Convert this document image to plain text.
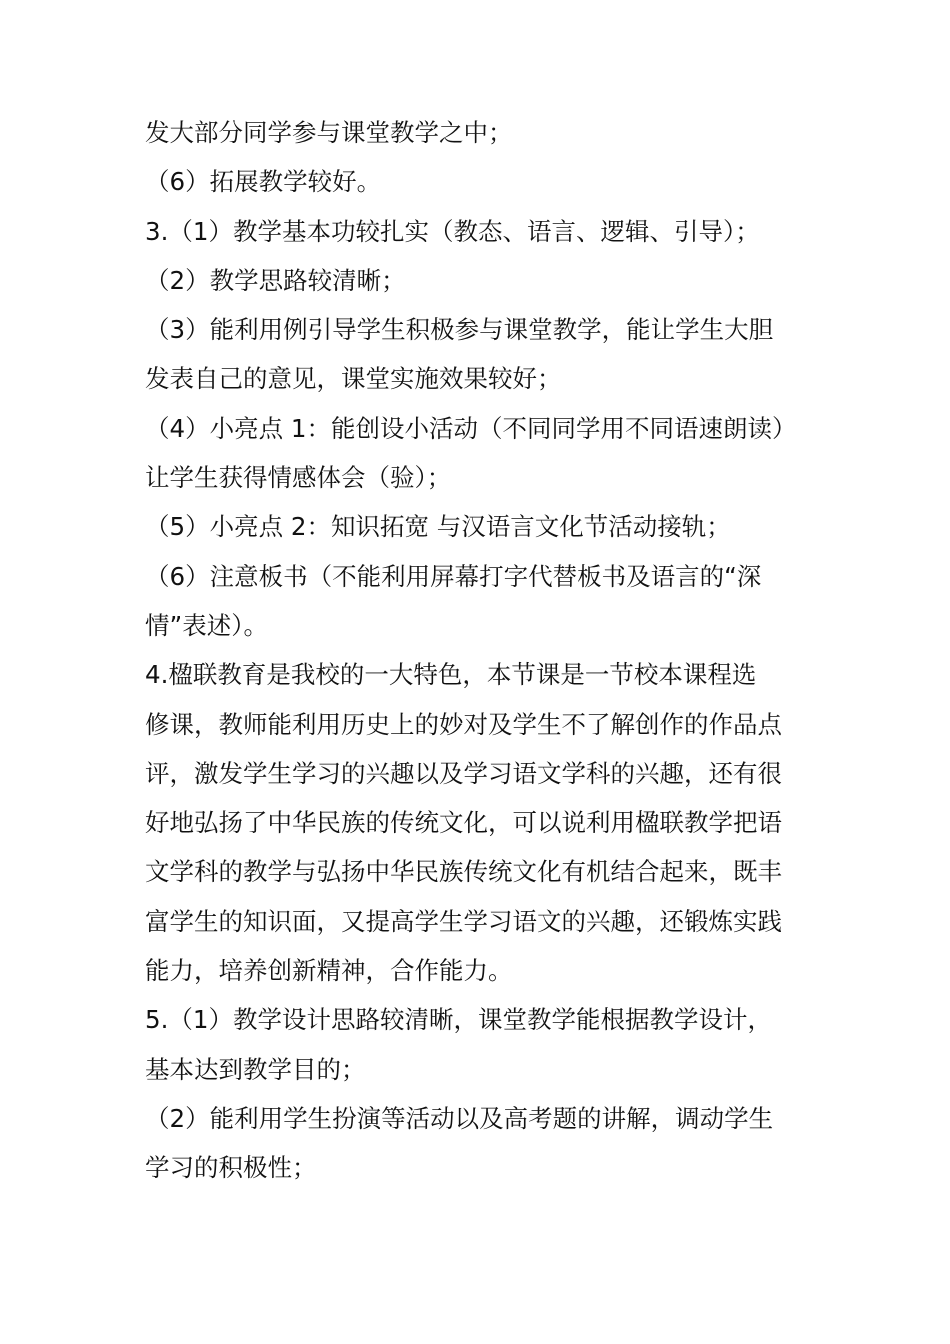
发大部分同学参与课堂教学之中；
（6）拓展教学较好。
3.（1）教学基本功较扎实（教态、语言、逻辑、引导）；
（2）教学思路较清晰；
（3）能利用例引导学生积极参与课堂教学，能让学生大胆
发表自己的意见，课堂实施效果较好；
（4）小亮点 1：能创设小活动（不同同学用不同语速朗读）
让学生获得情感体会（验）；
（5）小亮点 2：知识拓宽 与汉语言文化节活动接轨；
（6）注意板书（不能利用屏幕打字代替板书及语言的“深
情”表述）。
4.楹联教育是我校的一大特色，本节课是一节校本课程选
修课，教师能利用历史上的妙对及学生不了解创作的作品点
评，激发学生学习的兴趣以及学习语文学科的兴趣，还有很
好地弘扬了中华民族的传统文化，可以说利用楹联教学把语
文学科的教学与弘扬中华民族传统文化有机结合起来，既丰
富学生的知识面，又提高学生学习语文的兴趣，还锻炼实践
能力，培养创新精神，合作能力。
5.（1）教学设计思路较清晰，课堂教学能根据教学设计，
基本达到教学目的；
（2）能利用学生扮演等活动以及高考题的讲解，调动学生
学习的积极性；
